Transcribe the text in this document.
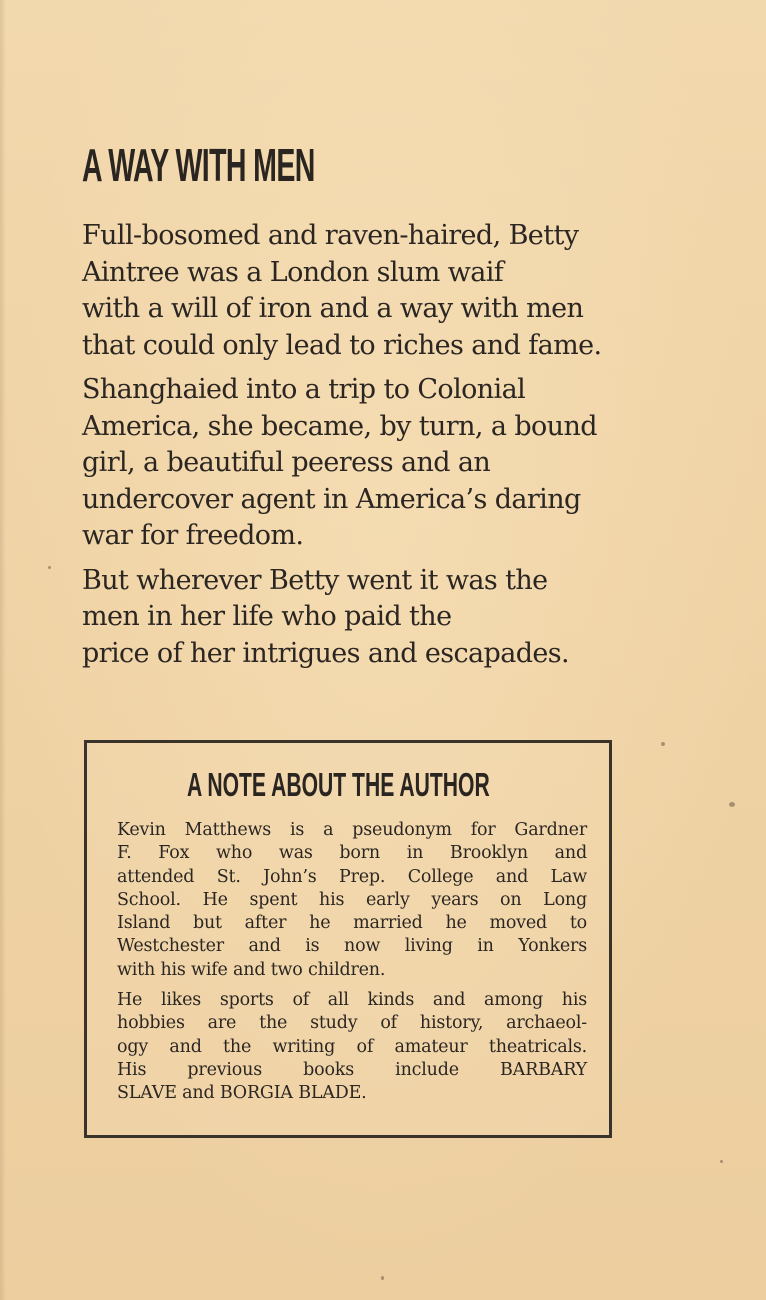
A WAY WITH MEN

Full-bosomed and raven-haired, Betty
Aintree was a London slum waif
with a will of iron and a way with men
that could only lead to riches and fame.

Shanghaied into a trip to Colonial
America, she became, by turn, a bound
girl, a beautiful peeress and an
undercover agent in America’s daring
war for freedom.

But wherever Betty went it was the
men in her life who paid the
price of her intrigues and escapades.

A NOTE ABOUT THE AUTHOR

Kevin Matthews is a pseudonym for Gardner
F. Fox who was born in Brooklyn and
attended St. John’s Prep. College and Law
School. He spent his early years on Long
Island but after he married he moved to
Westchester and is now living in Yonkers
with his wife and two children.

He likes sports of all kinds and among his
hobbies are the study of history, archaeol-
ogy and the writing of amateur theatricals.
His previous books include BARBARY
SLAVE and BORGIA BLADE.
